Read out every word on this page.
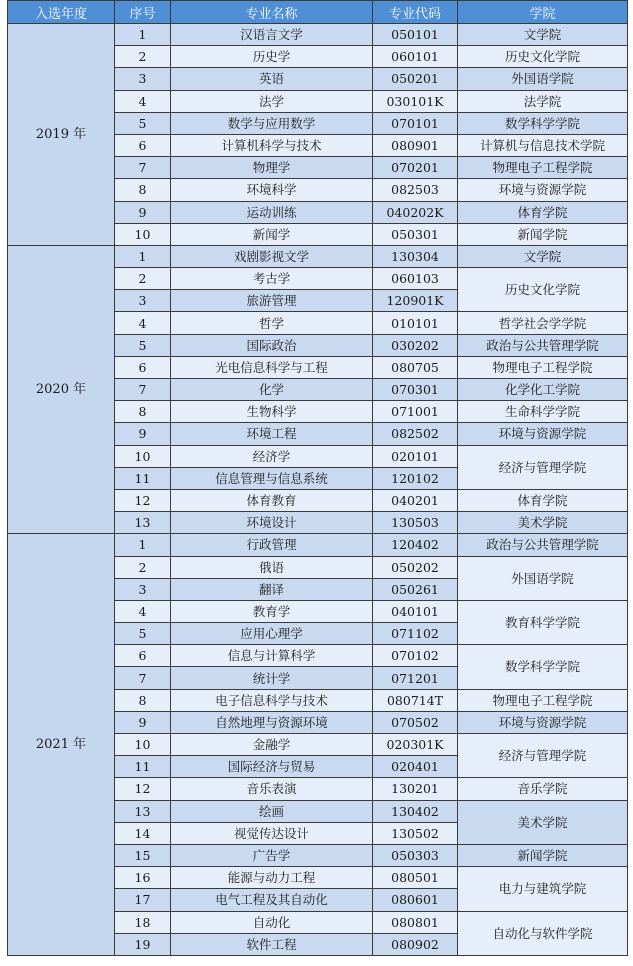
入选年度	序号	专业名称	专业代码	学院
2019 年	1	汉语言文学	050101	文学院
	2	历史学	060101	历史文化学院
	3	英语	050201	外国语学院
	4	法学	030101K	法学院
	5	数学与应用数学	070101	数学科学学院
	6	计算机科学与技术	080901	计算机与信息技术学院
	7	物理学	070201	物理电子工程学院
	8	环境科学	082503	环境与资源学院
	9	运动训练	040202K	体育学院
	10	新闻学	050301	新闻学院
2020 年	1	戏剧影视文学	130304	文学院
	2	考古学	060103	历史文化学院
	3	旅游管理	120901K	
	4	哲学	010101	哲学社会学学院
	5	国际政治	030202	政治与公共管理学院
	6	光电信息科学与工程	080705	物理电子工程学院
	7	化学	070301	化学化工学院
	8	生物科学	071001	生命科学学院
	9	环境工程	082502	环境与资源学院
	10	经济学	020101	经济与管理学院
	11	信息管理与信息系统	120102	
	12	体育教育	040201	体育学院
	13	环境设计	130503	美术学院
2021 年	1	行政管理	120402	政治与公共管理学院
	2	俄语	050202	外国语学院
	3	翻译	050261	
	4	教育学	040101	教育科学学院
	5	应用心理学	071102	
	6	信息与计算科学	070102	数学科学学院
	7	统计学	071201	
	8	电子信息科学与技术	080714T	物理电子工程学院
	9	自然地理与资源环境	070502	环境与资源学院
	10	金融学	020301K	经济与管理学院
	11	国际经济与贸易	020401	
	12	音乐表演	130201	音乐学院
	13	绘画	130402	美术学院
	14	视觉传达设计	130502	
	15	广告学	050303	新闻学院
	16	能源与动力工程	080501	电力与建筑学院
	17	电气工程及其自动化	080601	
	18	自动化	080801	自动化与软件学院
	19	软件工程	080902	
